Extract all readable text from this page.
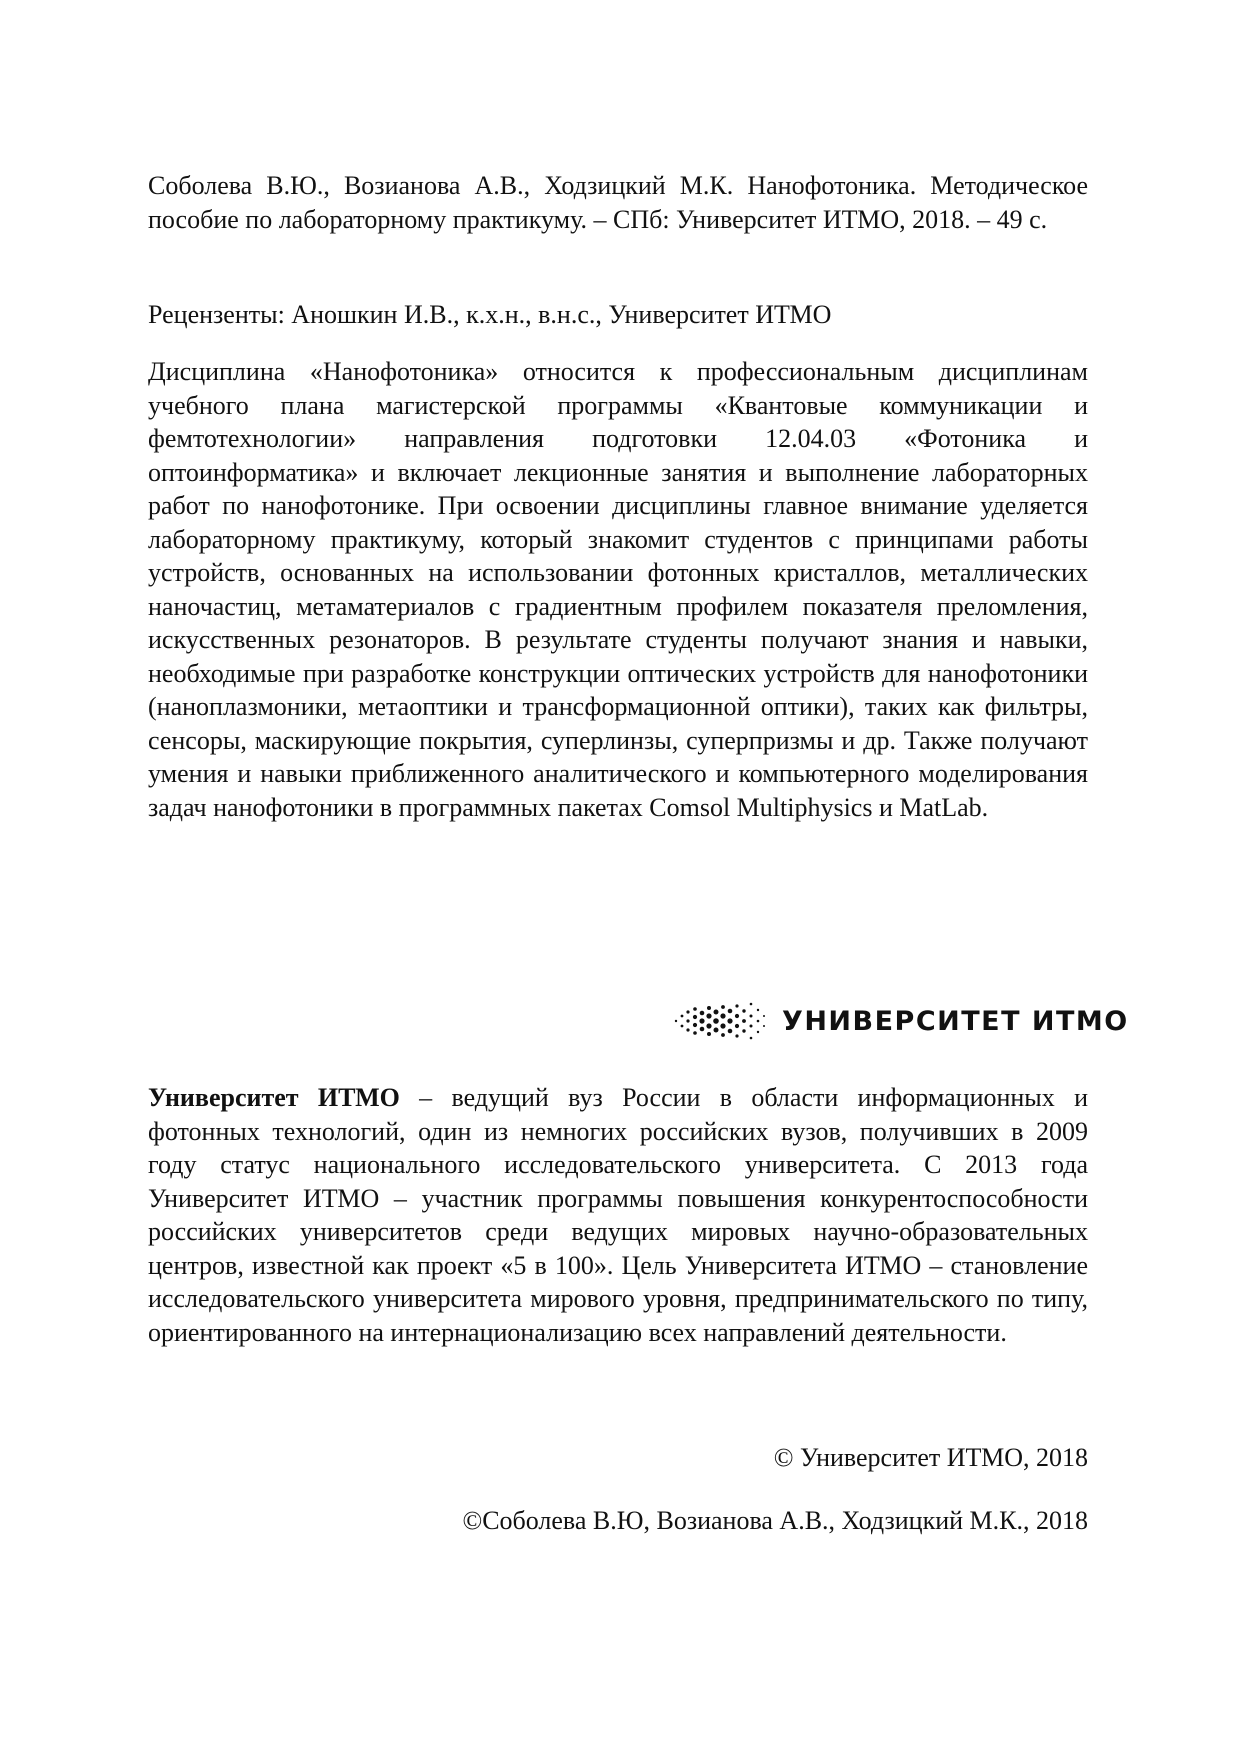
Соболева В.Ю., Возианова А.В., Ходзицкий М.К. Нанофотоника. Методическое пособие по лабораторному практикуму. – СПб: Университет ИТМО, 2018. – 49 с.

Рецензенты: Аношкин И.В., к.х.н., в.н.с., Университет ИТМО

Дисциплина «Нанофотоника» относится к профессиональным дисциплинам учебного плана магистерской программы «Квантовые коммуникации и фемтотехнологии» направления подготовки 12.04.03 «Фотоника и оптоинформатика» и включает лекционные занятия и выполнение лабораторных работ по нанофотонике. При освоении дисциплины главное внимание уделяется лабораторному практикуму, который знакомит студентов с принципами работы устройств, основанных на использовании фотонных кристаллов, металлических наночастиц, метаматериалов с градиентным профилем показателя преломления, искусственных резонаторов. В результате студенты получают знания и навыки, необходимые при разработке конструкции оптических устройств для нанофотоники (наноплазмоники, метаоптики и трансформационной оптики), таких как фильтры, сенсоры, маскирующие покрытия, суперлинзы, суперпризмы и др. Также получают умения и навыки приближенного аналитического и компьютерного моделирования задач нанофотоники в программных пакетах Comsol Multiphysics и MatLab.

УНИВЕРСИТЕТ ИТМО

Университет ИТМО – ведущий вуз России в области информационных и фотонных технологий, один из немногих российских вузов, получивших в 2009 году статус национального исследовательского университета. С 2013 года Университет ИТМО – участник программы повышения конкурентоспособности российских университетов среди ведущих мировых научно-образовательных центров, известной как проект «5 в 100». Цель Университета ИТМО – становление исследовательского университета мирового уровня, предпринимательского по типу, ориентированного на интернационализацию всех направлений деятельности.

© Университет ИТМО, 2018
©Соболева В.Ю, Возианова А.В., Ходзицкий М.К., 2018
